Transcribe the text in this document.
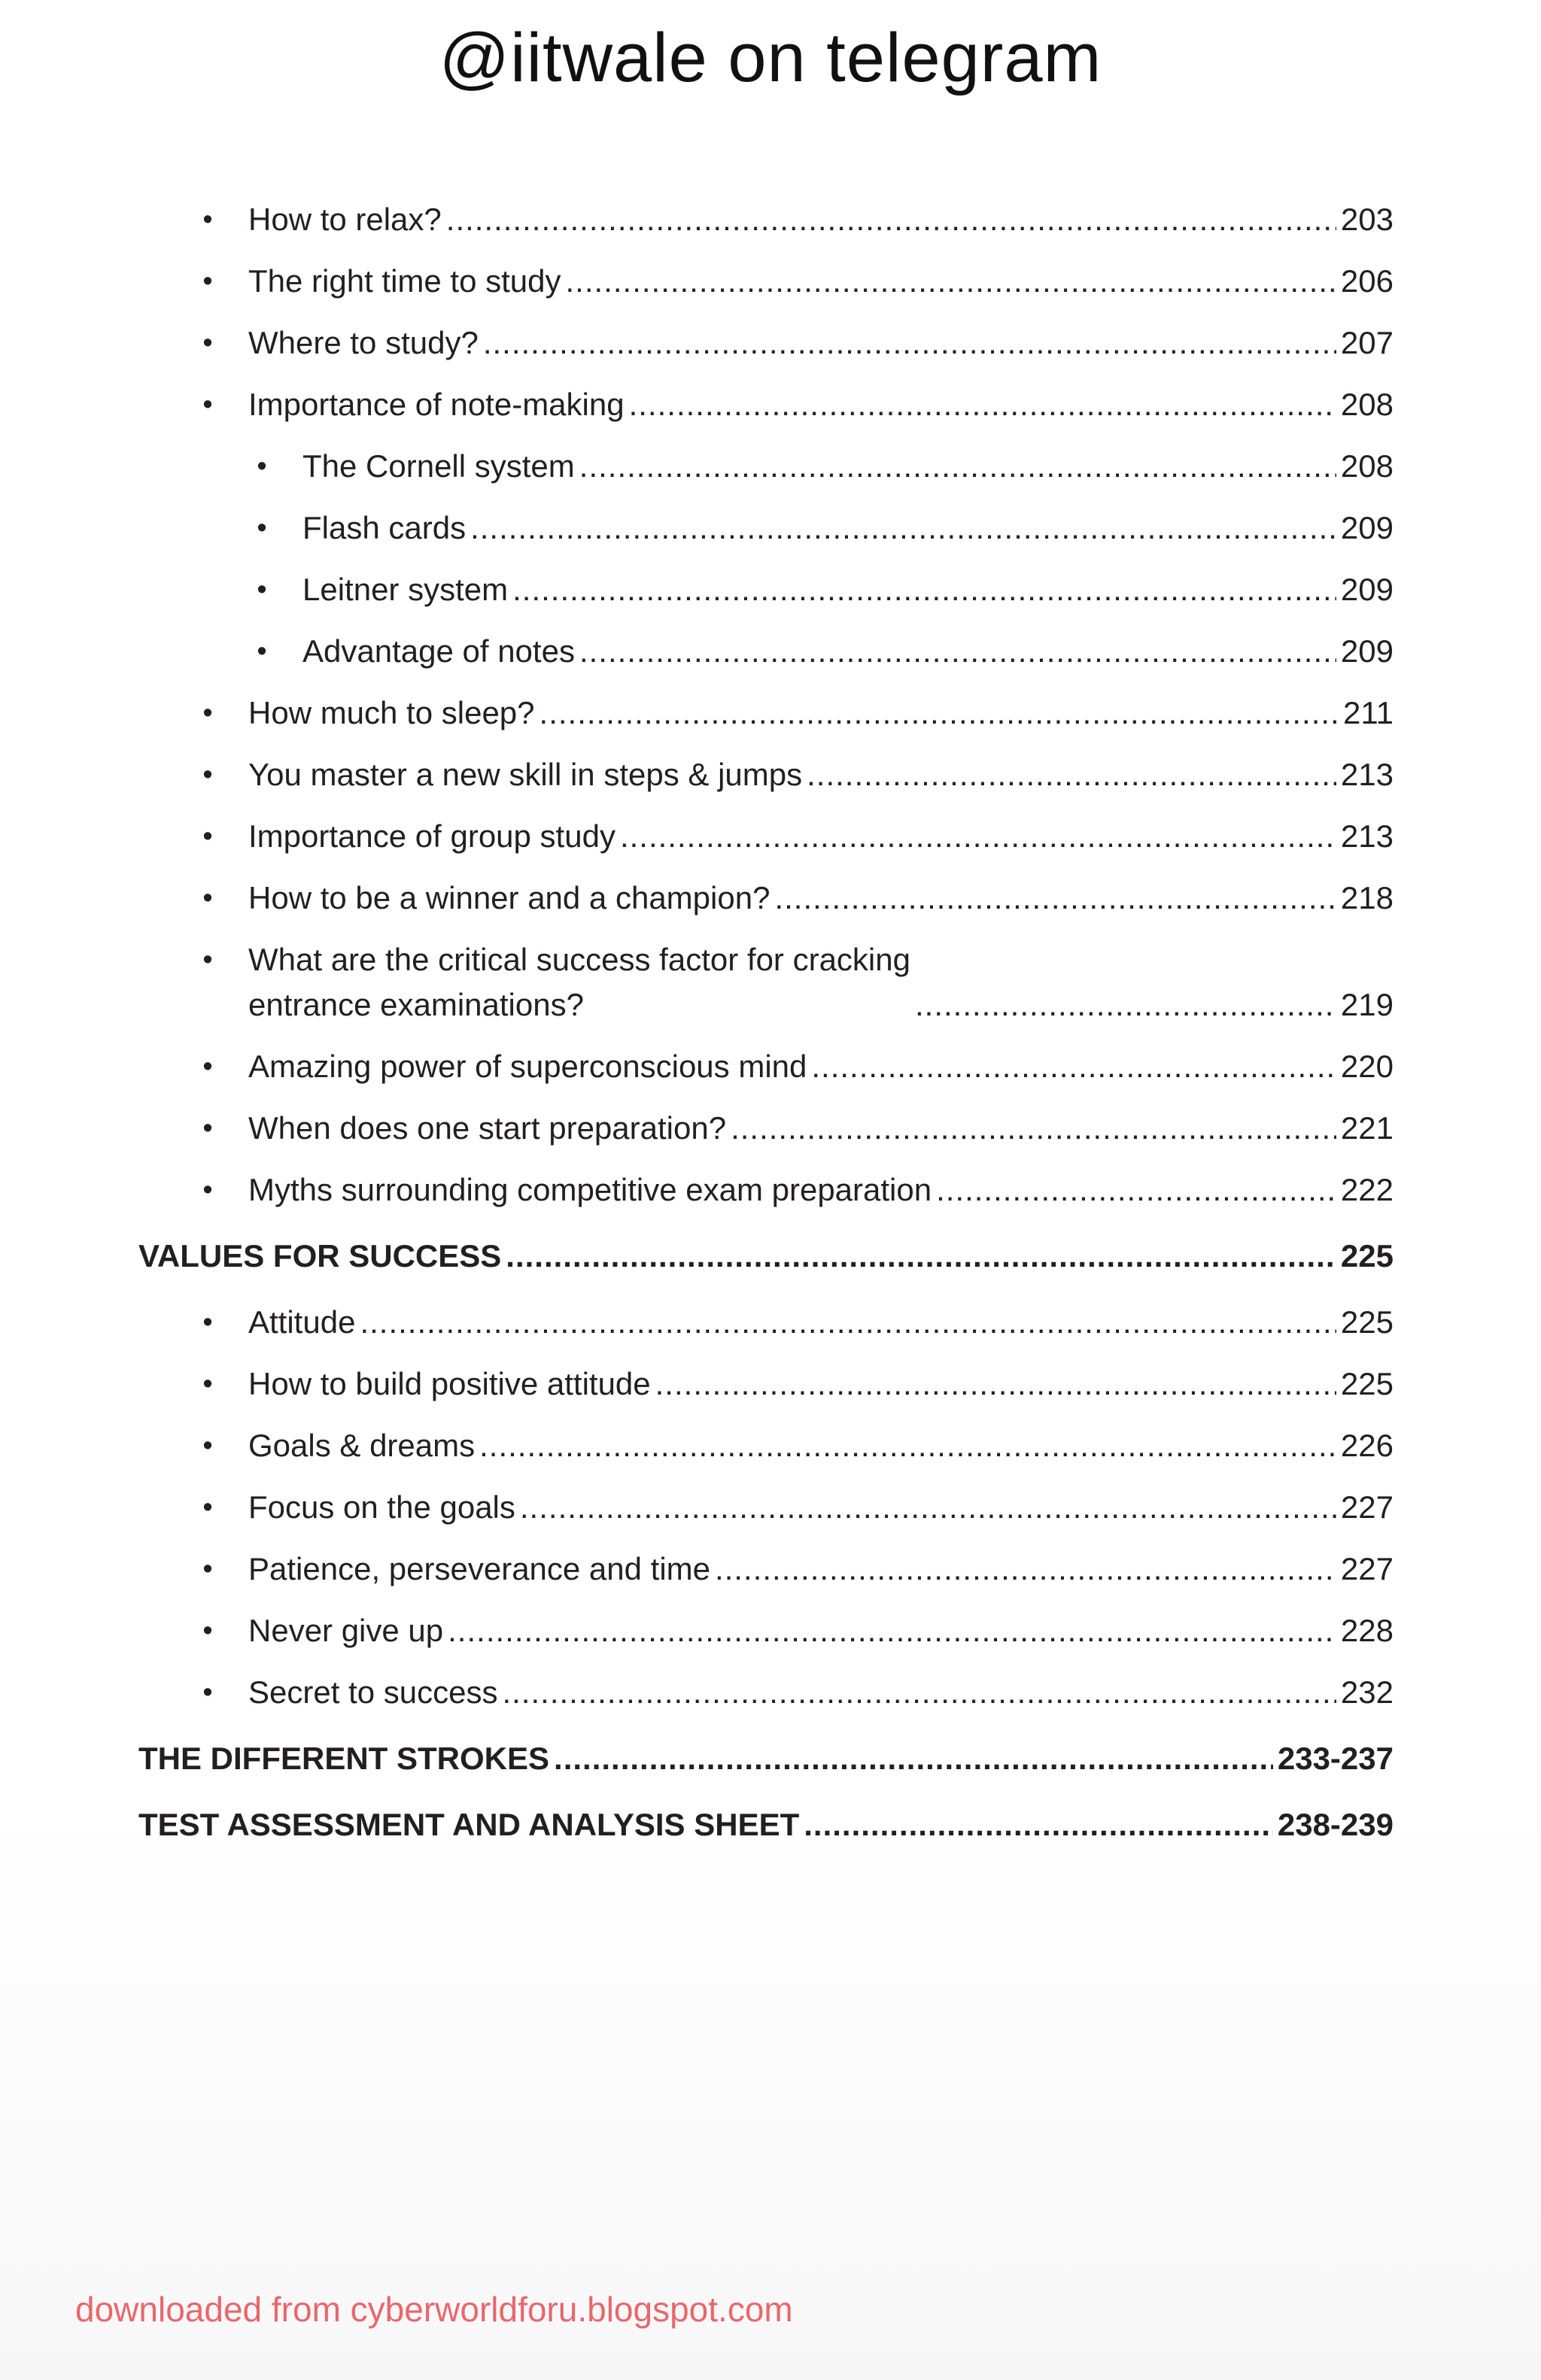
@iitwale on telegram
•	How to relax? .....	203
•	The right time to study .....	206
•	Where to study? .....	207
•	Importance of note-making .....	208
•	The Cornell system .....	208
•	Flash cards .....	209
•	Leitner system .....	209
•	Advantage of notes .....	209
•	How much to sleep? .....	211
•	You master a new skill in steps & jumps .....	213
•	Importance of group study .....	213
•	How to be a winner and a champion? .....	218
•	What are the critical success factor for cracking
entrance examinations? .....	219
•	Amazing power of superconscious mind .....	220
•	When does one start preparation? .....	221
•	Myths surrounding competitive exam preparation .....	222
VALUES FOR SUCCESS .....	225
•	Attitude .....	225
•	How to build positive attitude .....	225
•	Goals & dreams .....	226
•	Focus on the goals .....	227
•	Patience, perseverance and time .....	227
•	Never give up .....	228
•	Secret to success .....	232
THE DIFFERENT STROKES .....	233-237
TEST ASSESSMENT AND ANALYSIS SHEET .....	238-239
downloaded from cyberworldforu.blogspot.com
